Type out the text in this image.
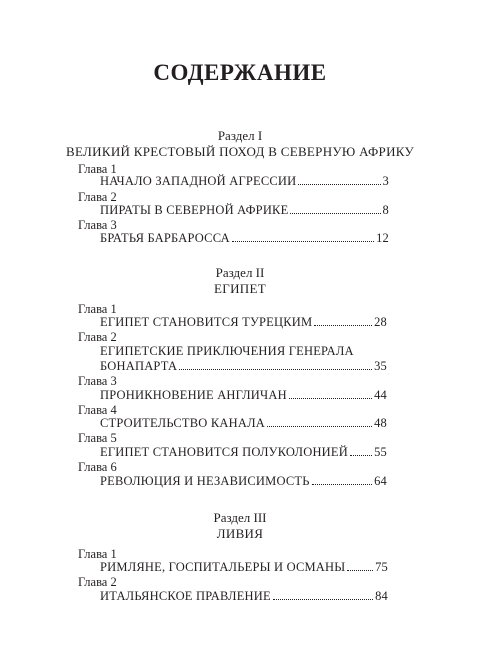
СОДЕРЖАНИЕ
Раздел I
ВЕЛИКИЙ КРЕСТОВЫЙ ПОХОД В СЕВЕРНУЮ АФРИКУ
Глава 1
НАЧАЛО ЗАПАДНОЙ АГРЕССИИ	3
Глава 2
ПИРАТЫ В СЕВЕРНОЙ АФРИКЕ	8
Глава 3
БРАТЬЯ БАРБАРОССА	12
Раздел II
ЕГИПЕТ
Глава 1
ЕГИПЕТ СТАНОВИТСЯ ТУРЕЦКИМ	28
Глава 2
ЕГИПЕТСКИЕ ПРИКЛЮЧЕНИЯ ГЕНЕРАЛА
БОНАПАРТА	35
Глава 3
ПРОНИКНОВЕНИЕ АНГЛИЧАН	44
Глава 4
СТРОИТЕЛЬСТВО КАНАЛА	48
Глава 5
ЕГИПЕТ СТАНОВИТСЯ ПОЛУКОЛОНИЕЙ 55
Глава 6
РЕВОЛЮЦИЯ И НЕЗАВИСИМОСТЬ	64
Раздел III
ЛИВИЯ
Глава 1
РИМЛЯНЕ, ГОСПИТАЛЬЕРЫ И ОСМАНЫ 75
Глава 2
ИТАЛЬЯНСКОЕ ПРАВЛЕНИЕ	84
